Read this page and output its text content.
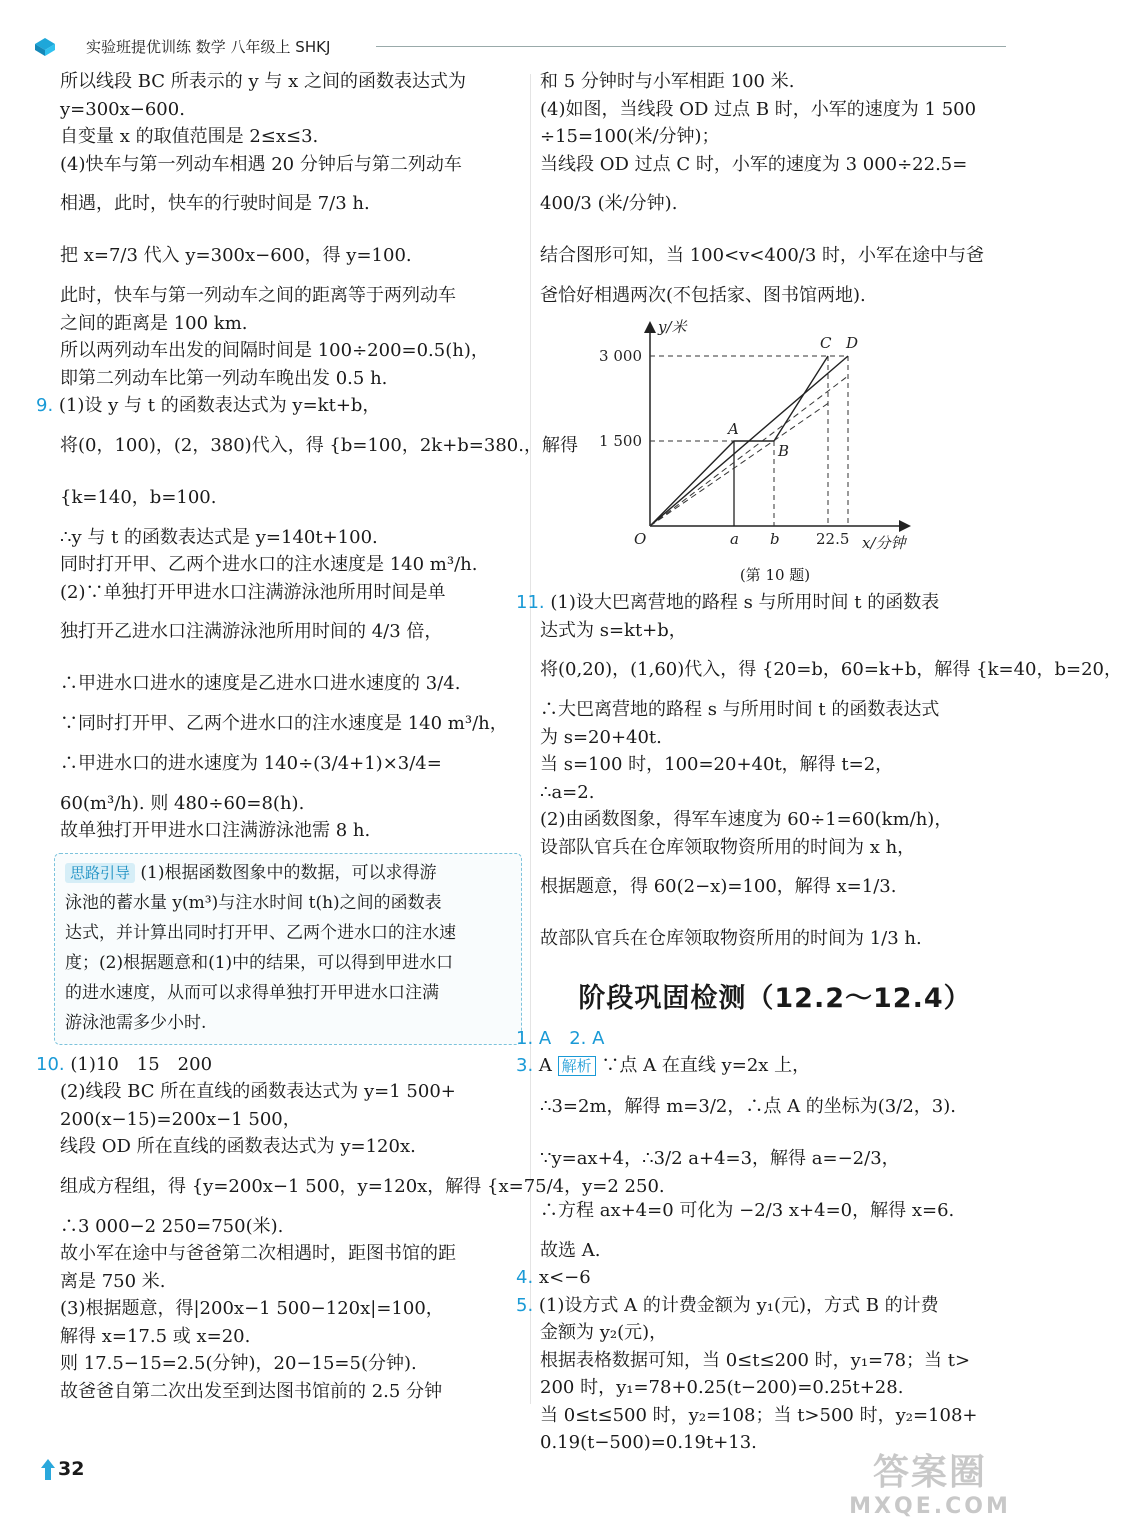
实验班提优训练 数学 八年级上 SHKJ
所以线段 BC 所表示的 y 与 x 之间的函数表达式为
y=300x−600.
自变量 x 的取值范围是 2≤x≤3.
(4)快车与第一列动车相遇 20 分钟后与第二列动车
相遇，此时，快车的行驶时间是 7/3 h.
把 x=7/3 代入 y=300x−600，得 y=100.
此时，快车与第一列动车之间的距离等于两列动车
之间的距离是 100 km.
所以两列动车出发的间隔时间是 100÷200=0.5(h)，
即第二列动车比第一列动车晚出发 0.5 h.
9. (1)设 y 与 t 的函数表达式为 y=kt+b，
将(0，100)，(2，380)代入，得 {b=100，2k+b=380.，解得
{k=140，b=100.
∴y 与 t 的函数表达式是 y=140t+100.
同时打开甲、乙两个进水口的注水速度是 140 m³/h.
(2)∵单独打开甲进水口注满游泳池所用时间是单
独打开乙进水口注满游泳池所用时间的 4/3 倍，
∴甲进水口进水的速度是乙进水口进水速度的 3/4.
∵同时打开甲、乙两个进水口的注水速度是 140 m³/h，
∴甲进水口的进水速度为 140÷(3/4+1)×3/4=
60(m³/h). 则 480÷60=8(h).
故单独打开甲进水口注满游泳池需 8 h.
思路引导 (1)根据函数图象中的数据，可以求得游
泳池的蓄水量 y(m³)与注水时间 t(h)之间的函数表
达式，并计算出同时打开甲、乙两个进水口的注水速
度；(2)根据题意和(1)中的结果，可以得到甲进水口
的进水速度，从而可以求得单独打开甲进水口注满
游泳池需多少小时.
10. (1)10　15　200
(2)线段 BC 所在直线的函数表达式为 y=1 500+
200(x−15)=200x−1 500，
线段 OD 所在直线的函数表达式为 y=120x.
组成方程组，得 {y=200x−1 500，y=120x，解得 {x=75/4，y=2 250.
∴3 000−2 250=750(米).
故小军在途中与爸爸第二次相遇时，距图书馆的距
离是 750 米.
(3)根据题意，得|200x−1 500−120x|=100，
解得 x=17.5 或 x=20.
则 17.5−15=2.5(分钟)，20−15=5(分钟).
故爸爸自第二次出发至到达图书馆前的 2.5 分钟
和 5 分钟时与小军相距 100 米.
(4)如图，当线段 OD 过点 B 时，小军的速度为 1 500
÷15=100(米/分钟)；
当线段 OD 过点 C 时，小军的速度为 3 000÷22.5=
400/3 (米/分钟).
结合图形可知，当 100<v<400/3 时，小军在途中与爸
爸恰好相遇两次(不包括家、图书馆两地).
y/米
x/分钟
3 000
1 500
a b 22.5
O
A
B
C D
(第 10 题)
11. (1)设大巴离营地的路程 s 与所用时间 t 的函数表
达式为 s=kt+b，
将(0,20)，(1,60)代入，得 {20=b，60=k+b，解得 {k=40，b=20，
∴大巴离营地的路程 s 与所用时间 t 的函数表达式
为 s=20+40t.
当 s=100 时，100=20+40t，解得 t=2，
∴a=2.
(2)由函数图象，得军车速度为 60÷1=60(km/h)，
设部队官兵在仓库领取物资所用的时间为 x h，
根据题意，得 60(2−x)=100，解得 x=1/3.
故部队官兵在仓库领取物资所用的时间为 1/3 h.
阶段巩固检测（12.2～12.4）
1. A　2. A
3. A 解析 ∵点 A 在直线 y=2x 上，
∴3=2m，解得 m=3/2，∴点 A 的坐标为(3/2，3).
∵y=ax+4，∴3/2 a+4=3，解得 a=−2/3，
∴方程 ax+4=0 可化为 −2/3 x+4=0，解得 x=6.
故选 A.
4. x<−6
5. (1)设方式 A 的计费金额为 y₁(元)，方式 B 的计费
金额为 y₂(元)，
根据表格数据可知，当 0≤t≤200 时，y₁=78；当 t>
200 时，y₁=78+0.25(t−200)=0.25t+28.
当 0≤t≤500 时，y₂=108；当 t>500 时，y₂=108+
0.19(t−500)=0.19t+13.
32	答案圈
MXQE.COM
